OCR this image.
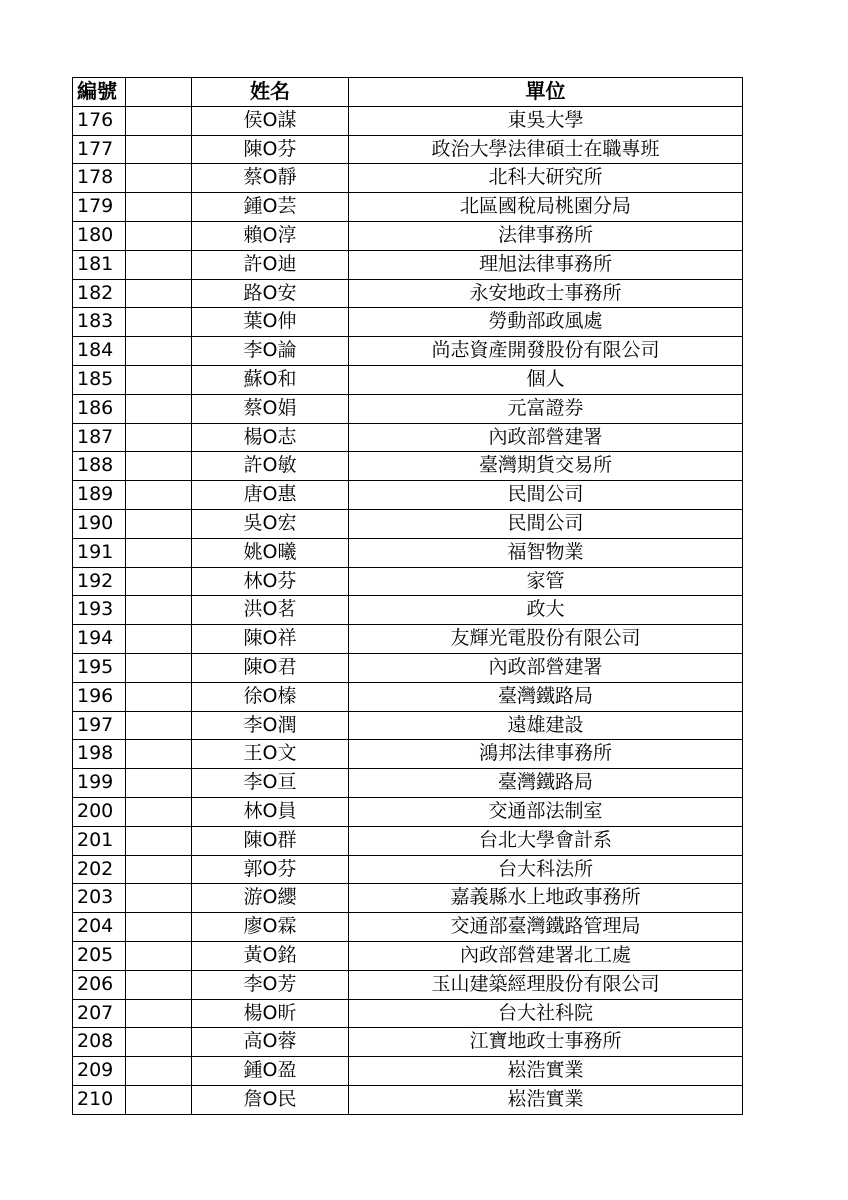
編號		姓名	單位
176		侯O謀	東吳大學
177		陳O芬	政治大學法律碩士在職專班
178		蔡O靜	北科大研究所
179		鍾O芸	北區國稅局桃園分局
180		賴O淳	法律事務所
181		許O迪	理旭法律事務所
182		路O安	永安地政士事務所
183		葉O伸	勞動部政風處
184		李O論	尚志資產開發股份有限公司
185		蘇O和	個人
186		蔡O娟	元富證券
187		楊O志	內政部營建署
188		許O敏	臺灣期貨交易所
189		唐O惠	民間公司
190		吳O宏	民間公司
191		姚O曦	福智物業
192		林O芬	家管
193		洪O茗	政大
194		陳O祥	友輝光電股份有限公司
195		陳O君	內政部營建署
196		徐O榛	臺灣鐵路局
197		李O潤	遠雄建設
198		王O文	鴻邦法律事務所
199		李O亘	臺灣鐵路局
200		林O員	交通部法制室
201		陳O群	台北大學會計系
202		郭O芬	台大科法所
203		游O纓	嘉義縣水上地政事務所
204		廖O霖	交通部臺灣鐵路管理局
205		黃O銘	內政部營建署北工處
206		李O芳	玉山建築經理股份有限公司
207		楊O昕	台大社科院
208		高O蓉	江寶地政士事務所
209		鍾O盈	崧浩實業
210		詹O民	崧浩實業
